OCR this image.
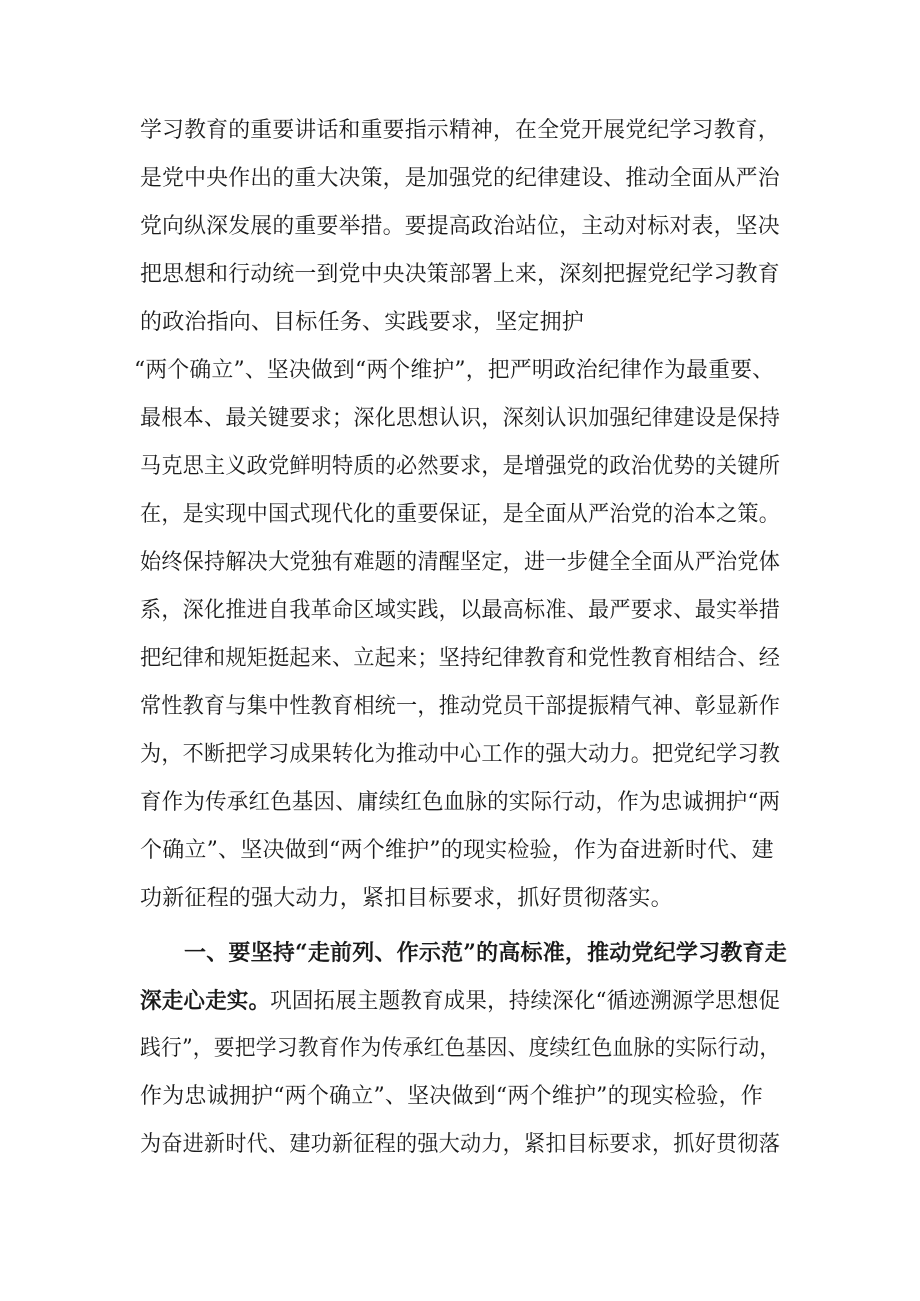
学习教育的重要讲话和重要指示精神，在全党开展党纪学习教育，
是党中央作出的重大决策，是加强党的纪律建设、推动全面从严治
党向纵深发展的重要举措。要提高政治站位，主动对标对表，坚决
把思想和行动统一到党中央决策部署上来，深刻把握党纪学习教育
的政治指向、目标任务、实践要求，坚定拥护
“两个确立”、坚决做到“两个维护”，把严明政治纪律作为最重要、
最根本、最关键要求；深化思想认识，深刻认识加强纪律建设是保持
马克思主义政党鲜明特质的必然要求，是增强党的政治优势的关键所
在，是实现中国式现代化的重要保证，是全面从严治党的治本之策。
始终保持解决大党独有难题的清醒坚定，进一步健全全面从严治党体
系，深化推进自我革命区域实践，以最高标准、最严要求、最实举措
把纪律和规矩挺起来、立起来；坚持纪律教育和党性教育相结合、经
常性教育与集中性教育相统一，推动党员干部提振精气神、彰显新作
为，不断把学习成果转化为推动中心工作的强大动力。把党纪学习教
育作为传承红色基因、庸续红色血脉的实际行动，作为忠诚拥护“两
个确立”、坚决做到“两个维护”的现实检验，作为奋进新时代、建
功新征程的强大动力，紧扣目标要求，抓好贯彻落实。
一、要坚持“走前列、作示范”的高标准，推动党纪学习教育走
深走心走实。巩固拓展主题教育成果，持续深化“循迹溯源学思想促
践行”，要把学习教育作为传承红色基因、度续红色血脉的实际行动，
作为忠诚拥护“两个确立”、坚决做到“两个维护”的现实检验，作
为奋进新时代、建功新征程的强大动力，紧扣目标要求，抓好贯彻落
